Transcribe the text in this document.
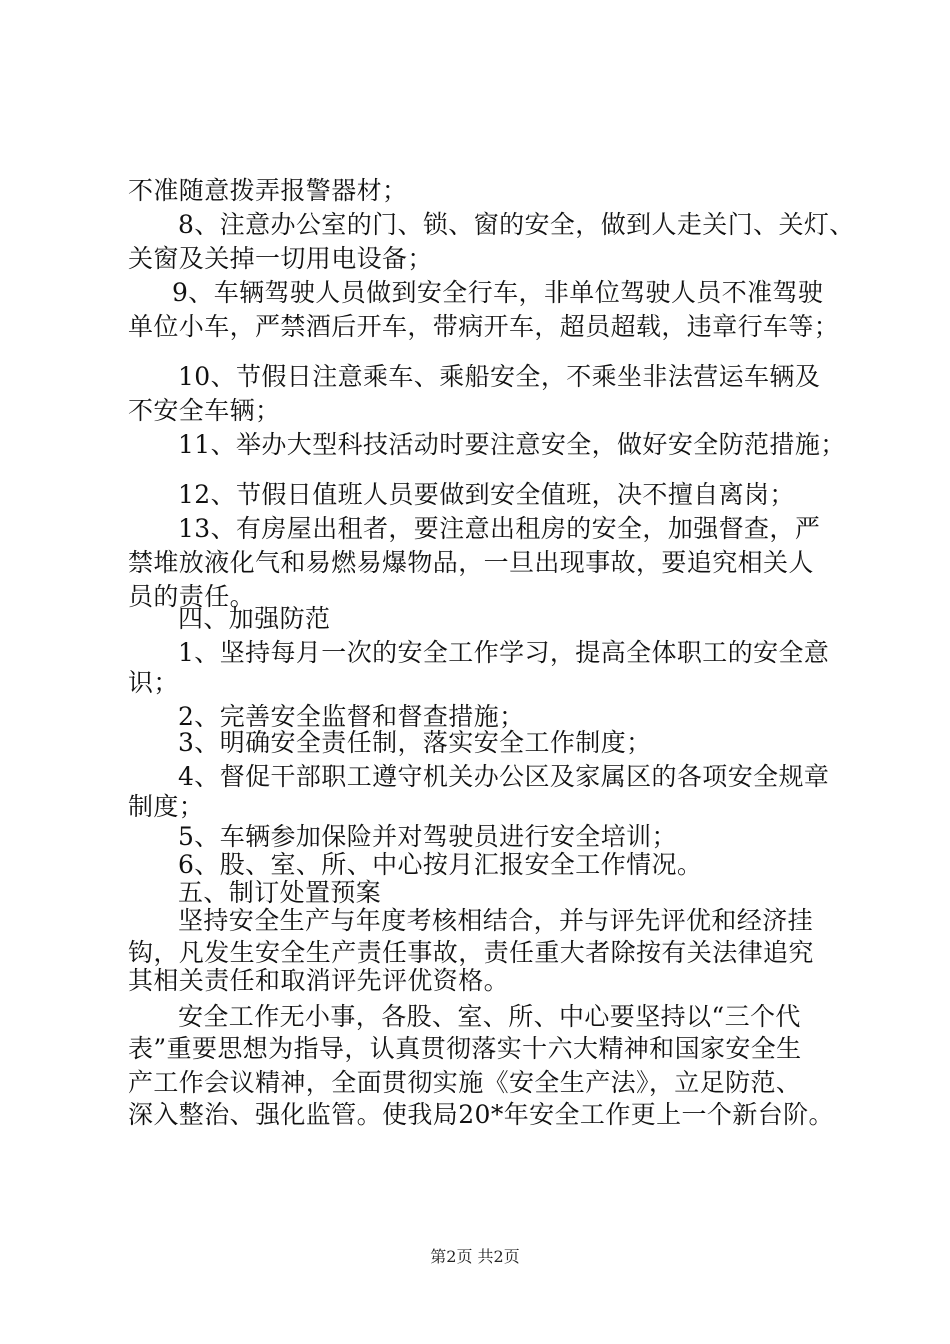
不准随意拨弄报警器材；
8、注意办公室的门、锁、窗的安全，做到人走关门、关灯、
关窗及关掉一切用电设备；
9、车辆驾驶人员做到安全行车，非单位驾驶人员不准驾驶
单位小车，严禁酒后开车，带病开车，超员超载，违章行车等；
10、节假日注意乘车、乘船安全，不乘坐非法营运车辆及
不安全车辆；
11、举办大型科技活动时要注意安全，做好安全防范措施；
12、节假日值班人员要做到安全值班，决不擅自离岗；
13、有房屋出租者，要注意出租房的安全，加强督查，严
禁堆放液化气和易燃易爆物品，一旦出现事故，要追究相关人
员的责任。
四、加强防范
1、坚持每月一次的安全工作学习，提高全体职工的安全意
识；
2、完善安全监督和督查措施；
3、明确安全责任制，落实安全工作制度；
4、督促干部职工遵守机关办公区及家属区的各项安全规章
制度；
5、车辆参加保险并对驾驶员进行安全培训；
6、股、室、所、中心按月汇报安全工作情况。
五、制订处置预案
坚持安全生产与年度考核相结合，并与评先评优和经济挂
钩，凡发生安全生产责任事故，责任重大者除按有关法律追究
其相关责任和取消评先评优资格。
安全工作无小事，各股、室、所、中心要坚持以“三个代
表”重要思想为指导，认真贯彻落实十六大精神和国家安全生
产工作会议精神，全面贯彻实施《安全生产法》，立足防范、
深入整治、强化监管。使我局20*年安全工作更上一个新台阶。
第2页 共2页
